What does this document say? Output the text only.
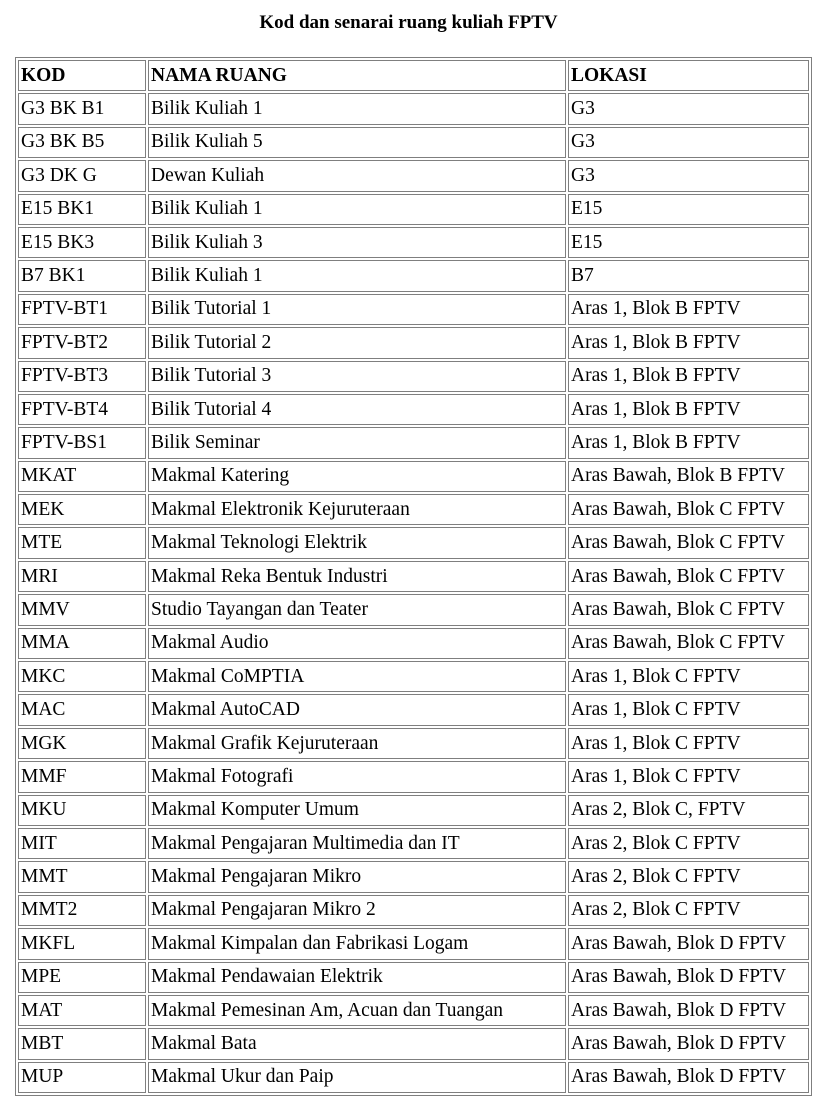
Kod dan senarai ruang kuliah FPTV
KOD	NAMA RUANG	LOKASI
G3 BK B1	Bilik Kuliah 1	G3
G3 BK B5	Bilik Kuliah 5	G3
G3 DK G	Dewan Kuliah	G3
E15 BK1	Bilik Kuliah 1	E15
E15 BK3	Bilik Kuliah 3	E15
B7 BK1	Bilik Kuliah 1	B7
FPTV-BT1	Bilik Tutorial 1	Aras 1, Blok B FPTV
FPTV-BT2	Bilik Tutorial 2	Aras 1, Blok B FPTV
FPTV-BT3	Bilik Tutorial 3	Aras 1, Blok B FPTV
FPTV-BT4	Bilik Tutorial 4	Aras 1, Blok B FPTV
FPTV-BS1	Bilik Seminar	Aras 1, Blok B FPTV
MKAT	Makmal Katering	Aras Bawah, Blok B FPTV
MEK	Makmal Elektronik Kejuruteraan	Aras Bawah, Blok C FPTV
MTE	Makmal Teknologi Elektrik	Aras Bawah, Blok C FPTV
MRI	Makmal Reka Bentuk Industri	Aras Bawah, Blok C FPTV
MMV	Studio Tayangan dan Teater	Aras Bawah, Blok C FPTV
MMA	Makmal Audio	Aras Bawah, Blok C FPTV
MKC	Makmal CoMPTIA	Aras 1, Blok C FPTV
MAC	Makmal AutoCAD	Aras 1, Blok C FPTV
MGK	Makmal Grafik Kejuruteraan	Aras 1, Blok C FPTV
MMF	Makmal Fotografi	Aras 1, Blok C FPTV
MKU	Makmal Komputer Umum	Aras 2, Blok C, FPTV
MIT	Makmal Pengajaran Multimedia dan IT	Aras 2, Blok C FPTV
MMT	Makmal Pengajaran Mikro	Aras 2, Blok C FPTV
MMT2	Makmal Pengajaran Mikro 2	Aras 2, Blok C FPTV
MKFL	Makmal Kimpalan dan Fabrikasi Logam	Aras Bawah, Blok D FPTV
MPE	Makmal Pendawaian Elektrik	Aras Bawah, Blok D FPTV
MAT	Makmal Pemesinan Am, Acuan dan Tuangan	Aras Bawah, Blok D FPTV
MBT	Makmal Bata	Aras Bawah, Blok D FPTV
MUP	Makmal Ukur dan Paip	Aras Bawah, Blok D FPTV
